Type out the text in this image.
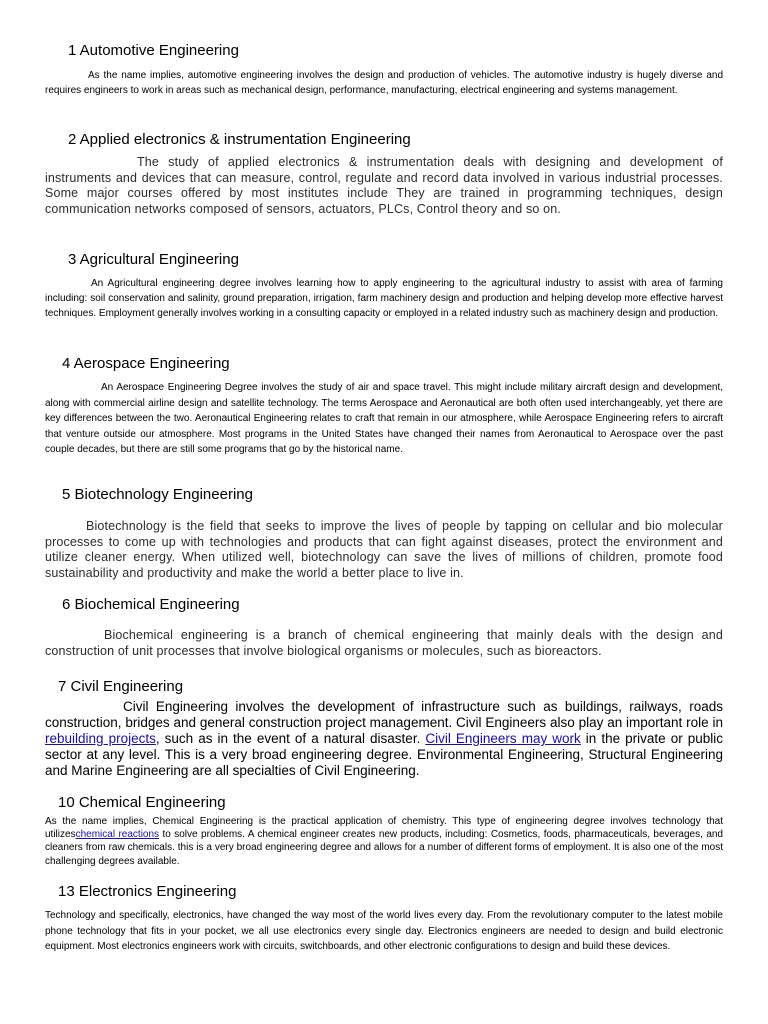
1 Automotive Engineering

As the name implies, automotive engineering involves the design and production of vehicles. The automotive industry is hugely diverse and requires engineers to work in areas such as mechanical design, performance, manufacturing, electrical engineering and systems management.

2 Applied electronics & instrumentation Engineering

The study of applied electronics & instrumentation deals with designing and development of instruments and devices that can measure, control, regulate and record data involved in various industrial processes. Some major courses offered by most institutes include They are trained in programming techniques, design communication networks composed of sensors, actuators, PLCs, Control theory and so on.

3 Agricultural Engineering

An Agricultural engineering degree involves learning how to apply engineering to the agricultural industry to assist with area of farming including: soil conservation and salinity, ground preparation, irrigation, farm machinery design and production and helping develop more effective harvest techniques. Employment generally involves working in a consulting capacity or employed in a related industry such as machinery design and production.

4 Aerospace Engineering

An Aerospace Engineering Degree involves the study of air and space travel. This might include military aircraft design and development, along with commercial airline design and satellite technology. The terms Aerospace and Aeronautical are both often used interchangeably, yet there are key differences between the two. Aeronautical Engineering relates to craft that remain in our atmosphere, while Aerospace Engineering refers to aircraft that venture outside our atmosphere. Most programs in the United States have changed their names from Aeronautical to Aerospace over the past couple decades, but there are still some programs that go by the historical name.

5 Biotechnology Engineering

Biotechnology is the field that seeks to improve the lives of people by tapping on cellular and bio molecular processes to come up with technologies and products that can fight against diseases, protect the environment and utilize cleaner energy. When utilized well, biotechnology can save the lives of millions of children, promote food sustainability and productivity and make the world a better place to live in.

6 Biochemical Engineering

Biochemical engineering is a branch of chemical engineering that mainly deals with the design and construction of unit processes that involve biological organisms or molecules, such as bioreactors.

7 Civil Engineering

Civil Engineering involves the development of infrastructure such as buildings, railways, roads construction, bridges and general construction project management. Civil Engineers also play an important role in rebuilding projects, such as in the event of a natural disaster. Civil Engineers may work in the private or public sector at any level. This is a very broad engineering degree. Environmental Engineering, Structural Engineering and Marine Engineering are all specialties of Civil Engineering.

10 Chemical Engineering

As the name implies, Chemical Engineering is the practical application of chemistry. This type of engineering degree involves technology that utilizeschemical reactions to solve problems. A chemical engineer creates new products, including: Cosmetics, foods, pharmaceuticals, beverages, and cleaners from raw chemicals. this is a very broad engineering degree and allows for a number of different forms of employment. It is also one of the most challenging degrees available.

13 Electronics Engineering

Technology and specifically, electronics, have changed the way most of the world lives every day. From the revolutionary computer to the latest mobile phone technology that fits in your pocket, we all use electronics every single day. Electronics engineers are needed to design and build electronic equipment. Most electronics engineers work with circuits, switchboards, and other electronic configurations to design and build these devices.
